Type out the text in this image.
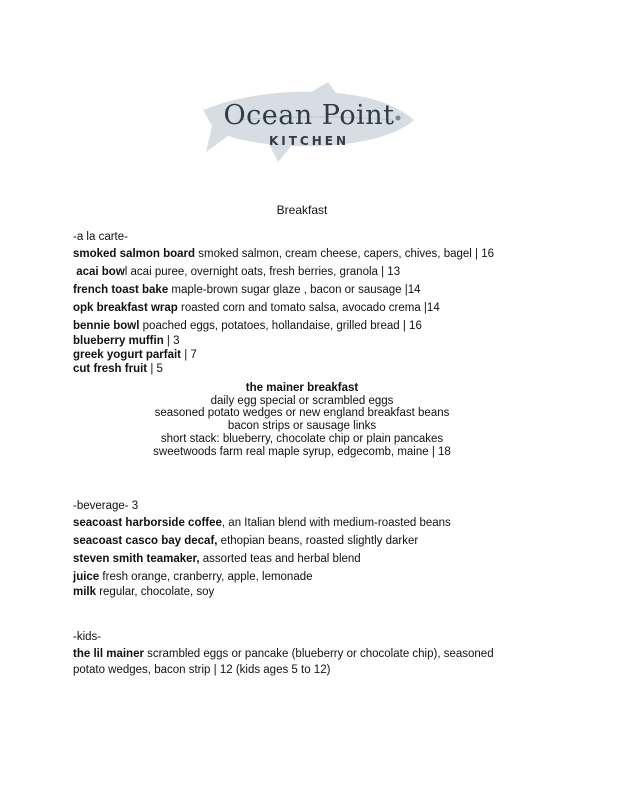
Ocean Point
KITCHEN
Breakfast

-a la carte-

smoked salmon board smoked salmon, cream cheese, capers, chives, bagel | 16

acai bowl acai puree, overnight oats, fresh berries, granola | 13

french toast bake maple-brown sugar glaze , bacon or sausage |14

opk breakfast wrap roasted corn and tomato salsa, avocado crema |14

bennie bowl poached eggs, potatoes, hollandaise, grilled bread | 16

blueberry muffin | 3

greek yogurt parfait | 7

cut fresh fruit | 5

the mainer breakfast

daily egg special or scrambled eggs

seasoned potato wedges or new england breakfast beans

bacon strips or sausage links

short stack: blueberry, chocolate chip or plain pancakes

sweetwoods farm real maple syrup, edgecomb, maine | 18

-beverage- 3

seacoast harborside coffee, an Italian blend with medium-roasted beans

seacoast casco bay decaf, ethopian beans, roasted slightly darker

steven smith teamaker, assorted teas and herbal blend

juice fresh orange, cranberry, apple, lemonade

milk regular, chocolate, soy

-kids-

the lil mainer scrambled eggs or pancake (blueberry or chocolate chip), seasoned

potato wedges, bacon strip | 12 (kids ages 5 to 12)
